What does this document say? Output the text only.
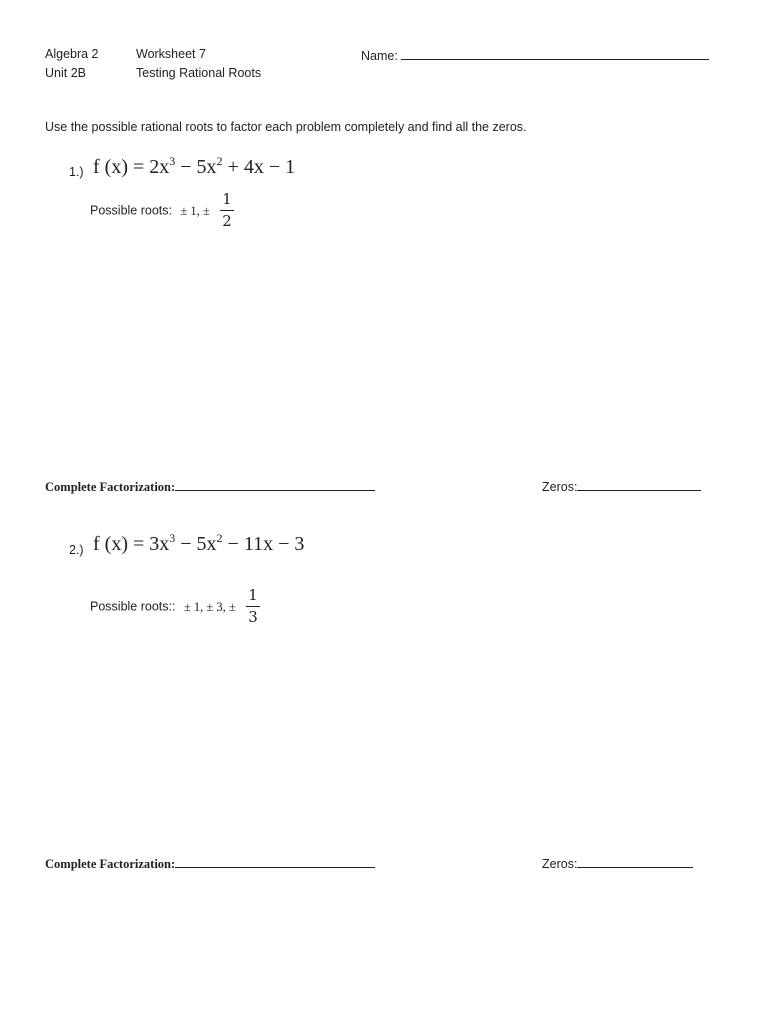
Algebra 2
Unit 2B
Worksheet 7
Testing Rational Roots
Name:
Use the possible rational roots to factor each problem completely and find all the zeros.
1.) f $(x) = 2x^3 - 5x^2 + 4x - 1$
Possible roots: ± 1, ± $\frac{1}{2}$
Complete Factorization:	Zeros:
2.) f $(x) = 3x^3 - 5x^2 - 11x - 3$
Possible roots:: ± 1, ± 3, ± $\frac{1}{3}$
Complete Factorization:	Zeros:
